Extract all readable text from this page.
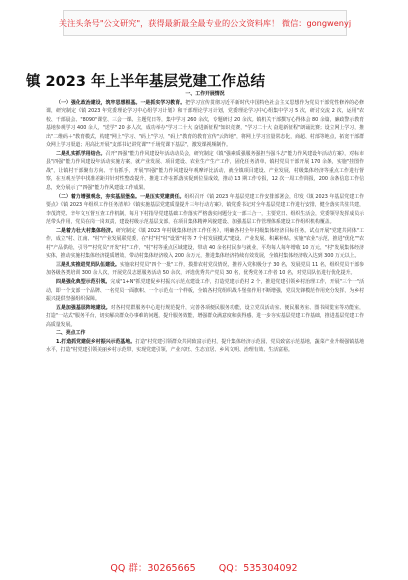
关注头条号"公文研究"，获得最新最全最专业的公文资料库！ 微信：gongwenyj
镇 2023 年上半年基层党建工作总结

一、工作开展情况

（一）强化政治建设，筑牢思想根基。一是抓实学习教育。把学习宣传贯彻习近平新时代中国特色社会主义思想作为党员干部党性修养的必修课，研究制定《镇 2023 年党委理论学习中心组学习计划》和干部理论学习计划，党委理论学习中心组集中学习 5 次，研讨交流 2 次，运用"农校、干部晨会、"8090"课堂、三会一课、主题党日等，集中学习 260 余次，专题研讨 20 余次。镇机关干部撰写心得体会 80 余篇，廉政警示教育基地参观学习 400 余人，"送学" 20 多人次，成功举办"学习二十大 奋进新征程"知识竞赛，"学习二十大 奋进新征程"朗诵比赛；设立网上学习，推出"二维码＋"教育模式，构建"网上"学习、"码上"学习，"码上"教育的教育宣传"云阵地"，将网上学习宣量常态化，商超、村部等地点，拓宽干部群众网上学习渠道；用高比开展"支部书记讲党课""千场党课下基层"，激发课视频制作。

二是扎实抓学用结合。召开"四强"能力作风建设年活动动员会，研究制定《镇"强素质强服务强担当强斗志"能力作风建设年活动方案》，对标市县"四强"能力作风建设年活动实施方案，就产业发展、项目建设、农业生产生产工作，固化任务清单，镇村党员干部开展 170 余条，实施"挂图作战"，让镇村干部聚有方向、干有抓手，开展"四强"能力作风建设年观摩评比活动，就全镇项目建设、产业发展，村级集体经济等重点工作进行督察，在互观互学中找准差距并针对性整改提升，推进工作在抓落实促到位显成效，推动 13 期工作专报，12 次一周工作简报，200 余条信息工作信息，充分展示了"四强"能力作风建设工作成果。

（二）着力增强观念，夯实基层堡垒。一是压实党建责任。组织召开《镇 2023 年基层党建工作安排部署会，印发《镇 2023 年基层党建工作要点》《镇 2023 年组织工作任务清单》《镇实施基层党建质量提升三年行动方案》，镇党委书记对全年基层党建工作进行安排，健全落实共驻共建，李茂湾党、辛年文互督互查工作机制，每月下村指导党建基础工作落实严格落实问题分支一部三合一，主要党日、组织生活会，党委领导发挥成员示范带头作用，党员在岗一岗双责，建设村级示范基层支部，在项目集体精神风貌建设、加强基层工作管理体系建设工作组织机构覆盖。

二是着力壮大村集体经济。研究制定《镇 2023 年村级集体经济工作任务》，明确各村全年村级集体经济目标任务。试点开展"党建共同体"工作，成立"村、江南、"村"产业发展联党委，在"村"村"村"设置"村等 7 个村发展模式"建设、产业发展、积累补贴。实施"农业"示范，推进"优化""农村"产品供给，引导""村党员"开发"村"工作，"村"村等重点区域建设，带动 40 余名村民参与就业，平均每人每年增收 10 万元，"村"发展集体经济实体，推动实施村集体经济提质增效，带动村集体经济收入 200 余万元，推进集体经济持续有效发展，全镇村集体经济收入达到 300 万元以上。

三是扎实推进党员队伍建设。实施农村党员"四个一批"工作，摸排农村党员情况，推荐入党积极分子 30 名，发展党员 11 名，组织党员干部参加各级各类培训 300 余人次，开展党员志愿服务活动 50 余次，评选优秀共产党员 30 名，优秀党务工作者 10 名，对党员队伍进行优化提升。

四是强化典型示范引领。完成"1+N"抓党建促乡村振兴示范点建设工作，打造党建示范村 2 个，推进党建引领乡村治理工作，开展"三个一"活动，即一个支部一个品牌、一名党员一面旗帜、一个示范点一个样板，全镇各村党组织战斗堡垒作用不断增强，党员先锋模范作用充分发挥，为乡村振兴提供坚强组织保障。

五是加强基层阵地建设。对各村党群服务中心进行规范提升，完善各项便民服务功能，设立党员活动室、便民服务室、图书阅览室等功能室，打造"一站式"服务平台，切实解决群众办事难的问题，提升服务效能，增强群众满意度和获得感，进一步夯实基层党建工作基础，推进基层党建工作高质量发展。

二、亮点工作

1.打造抓党建促乡村振兴示范基地。打造"村党建引领群众共同致富示范村，提升集体经济示范园，党员致富示范基地，蔬菜产业升级强镇基地水平，打造"村党建引领美丽乡村示范带，实现党建引领，产业兴旺、生态宜居、乡风文明、治理有效、生活富裕。

QQ 群：30265665 QQ：535304092
